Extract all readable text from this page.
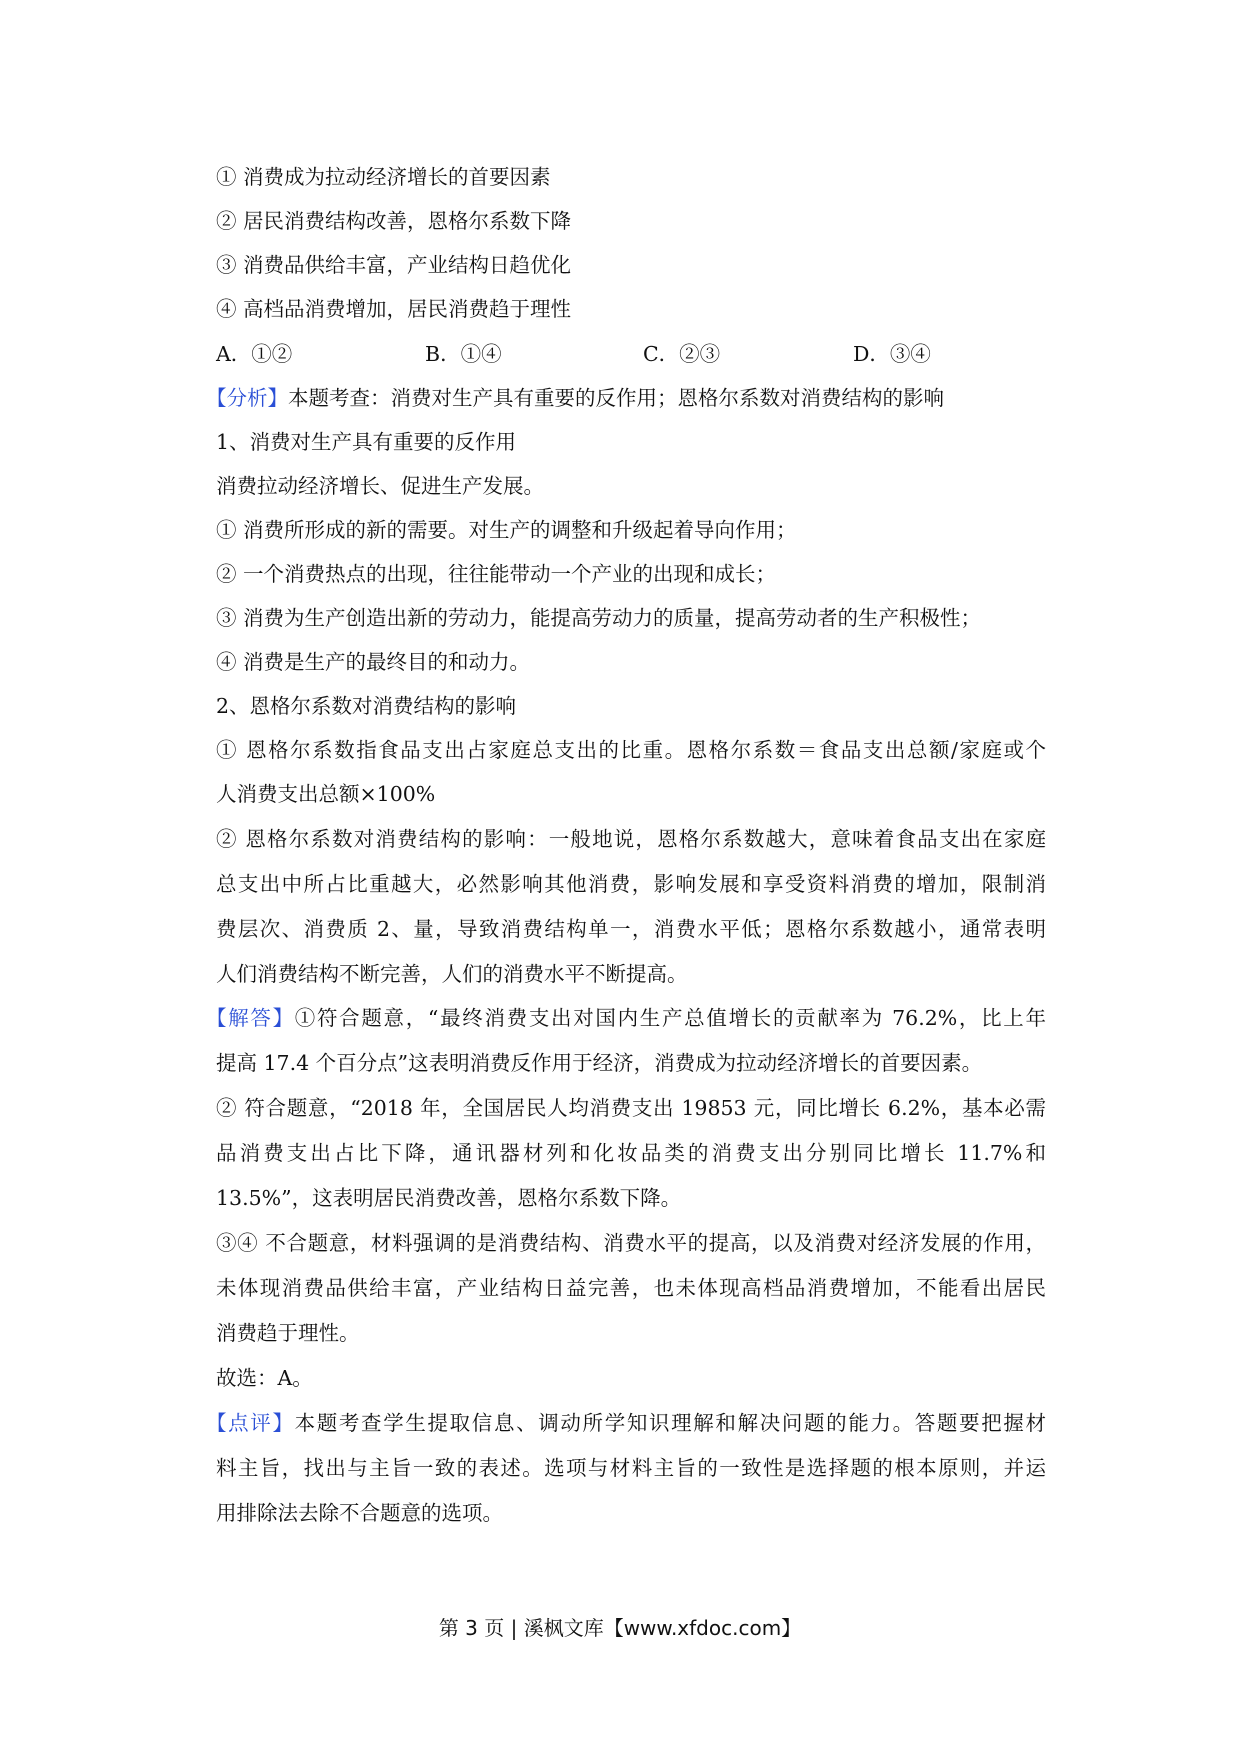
① 消费成为拉动经济增长的首要因素
② 居民消费结构改善，恩格尔系数下降
③ 消费品供给丰富，产业结构日趋优化
④ 高档品消费增加，居民消费趋于理性
A．①②	B．①④	C．②③	D．③④
【分析】本题考查：消费对生产具有重要的反作用；恩格尔系数对消费结构的影响
1、消费对生产具有重要的反作用
消费拉动经济增长、促进生产发展。
① 消费所形成的新的需要。对生产的调整和升级起着导向作用；
② 一个消费热点的出现，往往能带动一个产业的出现和成长；
③ 消费为生产创造出新的劳动力，能提高劳动力的质量，提高劳动者的生产积极性；
④ 消费是生产的最终目的和动力。
2、恩格尔系数对消费结构的影响
① 恩格尔系数指食品支出占家庭总支出的比重。恩格尔系数＝食品支出总额/家庭或个
人消费支出总额×100%
② 恩格尔系数对消费结构的影响：一般地说，恩格尔系数越大，意味着食品支出在家庭
总支出中所占比重越大，必然影响其他消费，影响发展和享受资料消费的增加，限制消
费层次、消费质 2、量，导致消费结构单一，消费水平低；恩格尔系数越小，通常表明
人们消费结构不断完善，人们的消费水平不断提高。
【解答】①符合题意，“最终消费支出对国内生产总值增长的贡献率为 76.2%，比上年
提高 17.4 个百分点”这表明消费反作用于经济，消费成为拉动经济增长的首要因素。
② 符合题意，“2018 年，全国居民人均消费支出 19853 元，同比增长 6.2%，基本必需
品消费支出占比下降，通讯器材列和化妆品类的消费支出分别同比增长 11.7%和
13.5%”，这表明居民消费改善，恩格尔系数下降。
③④ 不合题意，材料强调的是消费结构、消费水平的提高，以及消费对经济发展的作用，
未体现消费品供给丰富，产业结构日益完善，也未体现高档品消费增加，不能看出居民
消费趋于理性。
故选：A。
【点评】本题考查学生提取信息、调动所学知识理解和解决问题的能力。答题要把握材
料主旨，找出与主旨一致的表述。选项与材料主旨的一致性是选择题的根本原则，并运
用排除法去除不合题意的选项。
第 3 页 | 溪枫文库【www.xfdoc.com】
